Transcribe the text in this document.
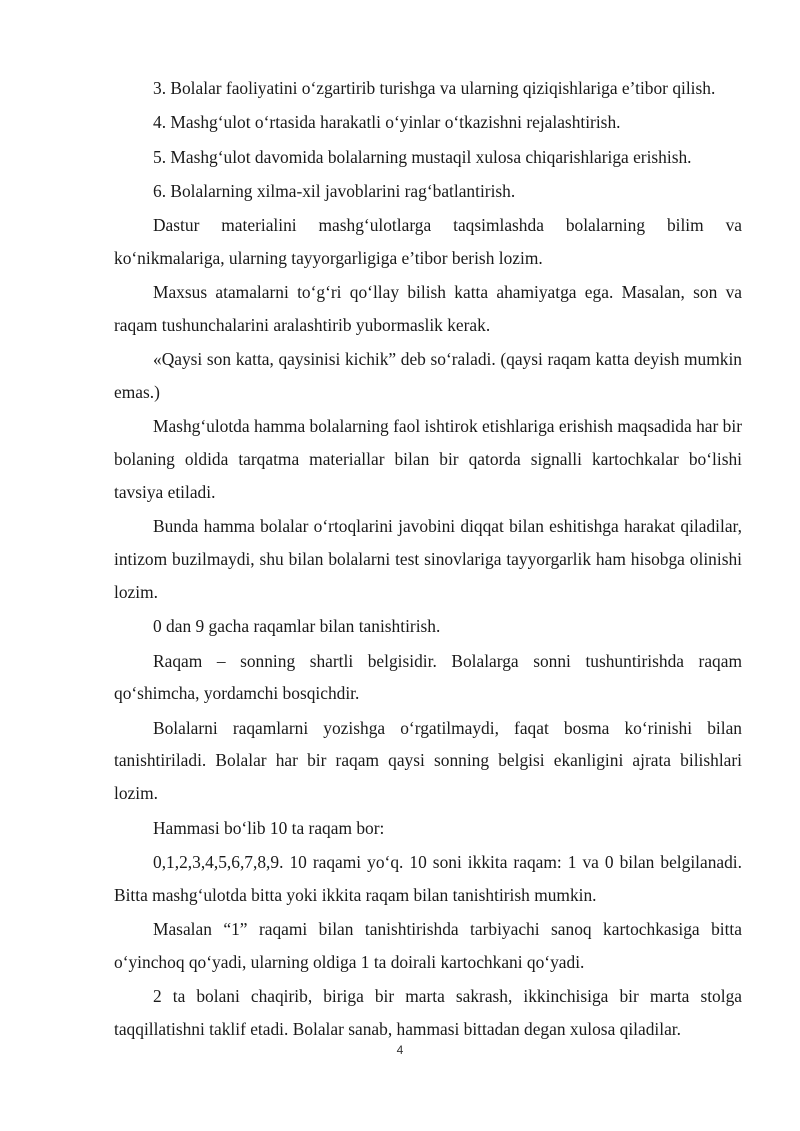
3. Bolalar faoliyatini o‘zgartirib turishga va ularning qiziqishlariga e’tibor qilish.

4. Mashg‘ulot o‘rtasida harakatli o‘yinlar o‘tkazishni rejalashtirish.

5. Mashg‘ulot davomida bolalarning mustaqil xulosa chiqarishlariga erishish.

6. Bolalarning xilma-xil javoblarini rag‘batlantirish.

Dastur materialini mashg‘ulotlarga taqsimlashda bolalarning bilim va ko‘nikmalariga, ularning tayyorgarligiga e’tibor berish lozim.

Maxsus atamalarni to‘g‘ri qo‘llay bilish katta ahamiyatga ega. Masalan, son va raqam tushunchalarini aralashtirib yubormaslik kerak.

«Qaysi son katta, qaysinisi kichik” deb so‘raladi. (qaysi raqam katta deyish mumkin emas.)

Mashg‘ulotda hamma bolalarning faol ishtirok etishlariga erishish maqsadida har bir bolaning oldida tarqatma materiallar bilan bir qatorda signalli kartochkalar bo‘lishi tavsiya etiladi.

Bunda hamma bolalar o‘rtoqlarini javobini diqqat bilan eshitishga harakat qiladilar, intizom buzilmaydi, shu bilan bolalarni test sinovlariga tayyorgarlik ham hisobga olinishi lozim.

0 dan 9 gacha raqamlar bilan tanishtirish.

Raqam – sonning shartli belgisidir. Bolalarga sonni tushuntirishda raqam qo‘shimcha, yordamchi bosqichdir.

Bolalarni raqamlarni yozishga o‘rgatilmaydi, faqat bosma ko‘rinishi bilan tanishtiriladi. Bolalar har bir raqam qaysi sonning belgisi ekanligini ajrata bilishlari lozim.

Hammasi bo‘lib 10 ta raqam bor:

0,1,2,3,4,5,6,7,8,9. 10 raqami yo‘q. 10 soni ikkita raqam: 1 va 0 bilan belgilanadi. Bitta mashg‘ulotda bitta yoki ikkita raqam bilan tanishtirish mumkin.

Masalan “1” raqami bilan tanishtirishda tarbiyachi sanoq kartochkasiga bitta o‘yinchoq qo‘yadi, ularning oldiga 1 ta doirali kartochkani qo‘yadi.

2 ta bolani chaqirib, biriga bir marta sakrash, ikkinchisiga bir marta stolga taqqillatishni taklif etadi. Bolalar sanab, hammasi bittadan degan xulosa qiladilar.

4
